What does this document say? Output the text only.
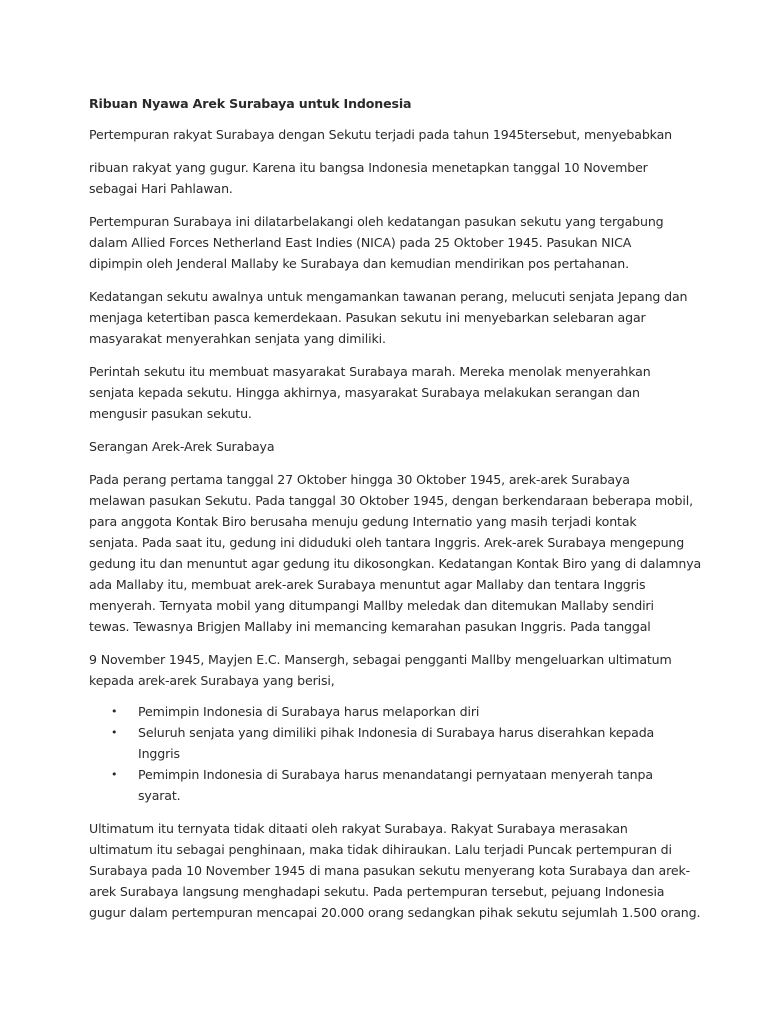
Ribuan Nyawa Arek Surabaya untuk Indonesia

Pertempuran rakyat Surabaya dengan Sekutu terjadi pada tahun 1945tersebut, menyebabkan

ribuan rakyat yang gugur. Karena itu bangsa Indonesia menetapkan tanggal 10 November
sebagai Hari Pahlawan.

Pertempuran Surabaya ini dilatarbelakangi oleh kedatangan pasukan sekutu yang tergabung
dalam Allied Forces Netherland East Indies (NICA) pada 25 Oktober 1945. Pasukan NICA
dipimpin oleh Jenderal Mallaby ke Surabaya dan kemudian mendirikan pos pertahanan.

Kedatangan sekutu awalnya untuk mengamankan tawanan perang, melucuti senjata Jepang dan
menjaga ketertiban pasca kemerdekaan. Pasukan sekutu ini menyebarkan selebaran agar
masyarakat menyerahkan senjata yang dimiliki.

Perintah sekutu itu membuat masyarakat Surabaya marah. Mereka menolak menyerahkan
senjata kepada sekutu. Hingga akhirnya, masyarakat Surabaya melakukan serangan dan
mengusir pasukan sekutu.

Serangan Arek-Arek Surabaya

Pada perang pertama tanggal 27 Oktober hingga 30 Oktober 1945, arek-arek Surabaya
melawan pasukan Sekutu. Pada tanggal 30 Oktober 1945, dengan berkendaraan beberapa mobil,
para anggota Kontak Biro berusaha menuju gedung Internatio yang masih terjadi kontak
senjata. Pada saat itu, gedung ini diduduki oleh tantara Inggris. Arek-arek Surabaya mengepung
gedung itu dan menuntut agar gedung itu dikosongkan. Kedatangan Kontak Biro yang di dalamnya
ada Mallaby itu, membuat arek-arek Surabaya menuntut agar Mallaby dan tentara Inggris
menyerah. Ternyata mobil yang ditumpangi Mallby meledak dan ditemukan Mallaby sendiri
tewas. Tewasnya Brigjen Mallaby ini memancing kemarahan pasukan Inggris. Pada tanggal

9 November 1945, Mayjen E.C. Mansergh, sebagai pengganti Mallby mengeluarkan ultimatum
kepada arek-arek Surabaya yang berisi,

• Pemimpin Indonesia di Surabaya harus melaporkan diri
• Seluruh senjata yang dimiliki pihak Indonesia di Surabaya harus diserahkan kepada
Inggris
• Pemimpin Indonesia di Surabaya harus menandatangi pernyataan menyerah tanpa
syarat.

Ultimatum itu ternyata tidak ditaati oleh rakyat Surabaya. Rakyat Surabaya merasakan
ultimatum itu sebagai penghinaan, maka tidak dihiraukan. Lalu terjadi Puncak pertempuran di
Surabaya pada 10 November 1945 di mana pasukan sekutu menyerang kota Surabaya dan arek-
arek Surabaya langsung menghadapi sekutu. Pada pertempuran tersebut, pejuang Indonesia
gugur dalam pertempuran mencapai 20.000 orang sedangkan pihak sekutu sejumlah 1.500 orang.
